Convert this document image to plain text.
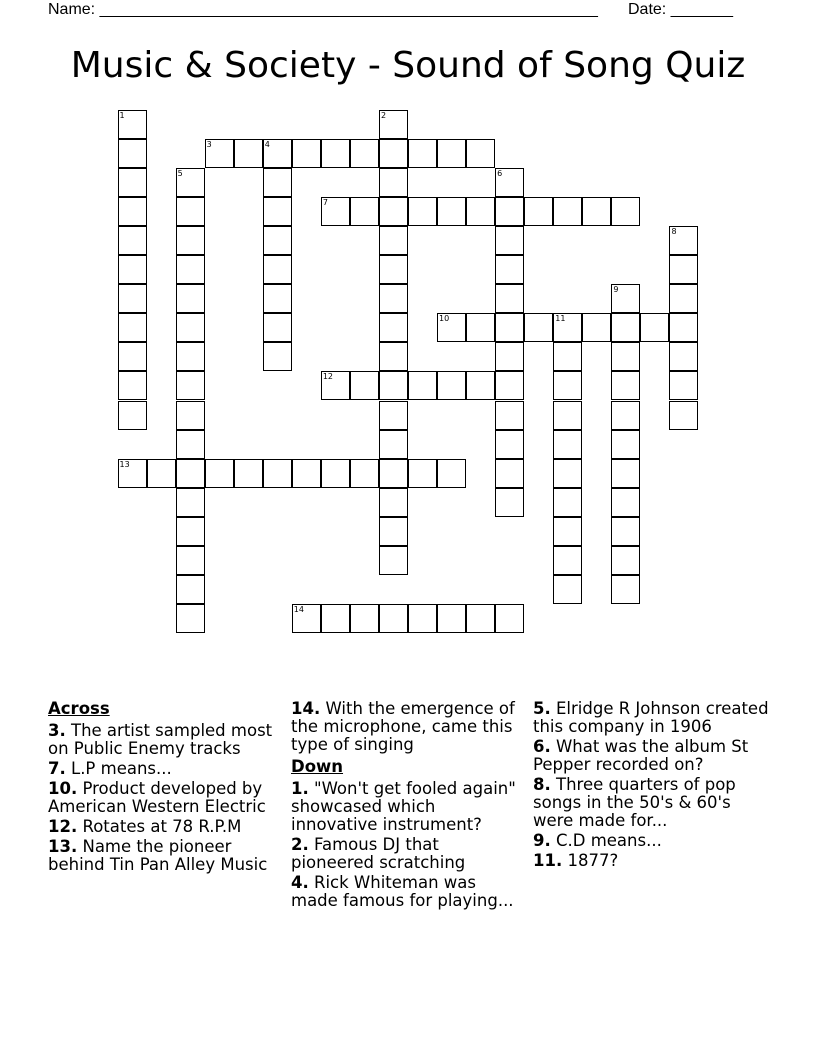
Name: ________________________________________________________ Date: _______
Music & Society - Sound of Song Quiz
1	2
3	4
5	6
7
8
9
10	11
12
13
14
Across
3. The artist sampled most on Public Enemy tracks
7. L.P means...
10. Product developed by American Western Electric
12. Rotates at 78 R.P.M
13. Name the pioneer behind Tin Pan Alley Music
14. With the emergence of the microphone, came this type of singing
Down
1. "Won't get fooled again" showcased which innovative instrument?
2. Famous DJ that pioneered scratching
4. Rick Whiteman was made famous for playing...
5. Elridge R Johnson created this company in 1906
6. What was the album St Pepper recorded on?
8. Three quarters of pop songs in the 50's & 60's were made for...
9. C.D means...
11. 1877?
